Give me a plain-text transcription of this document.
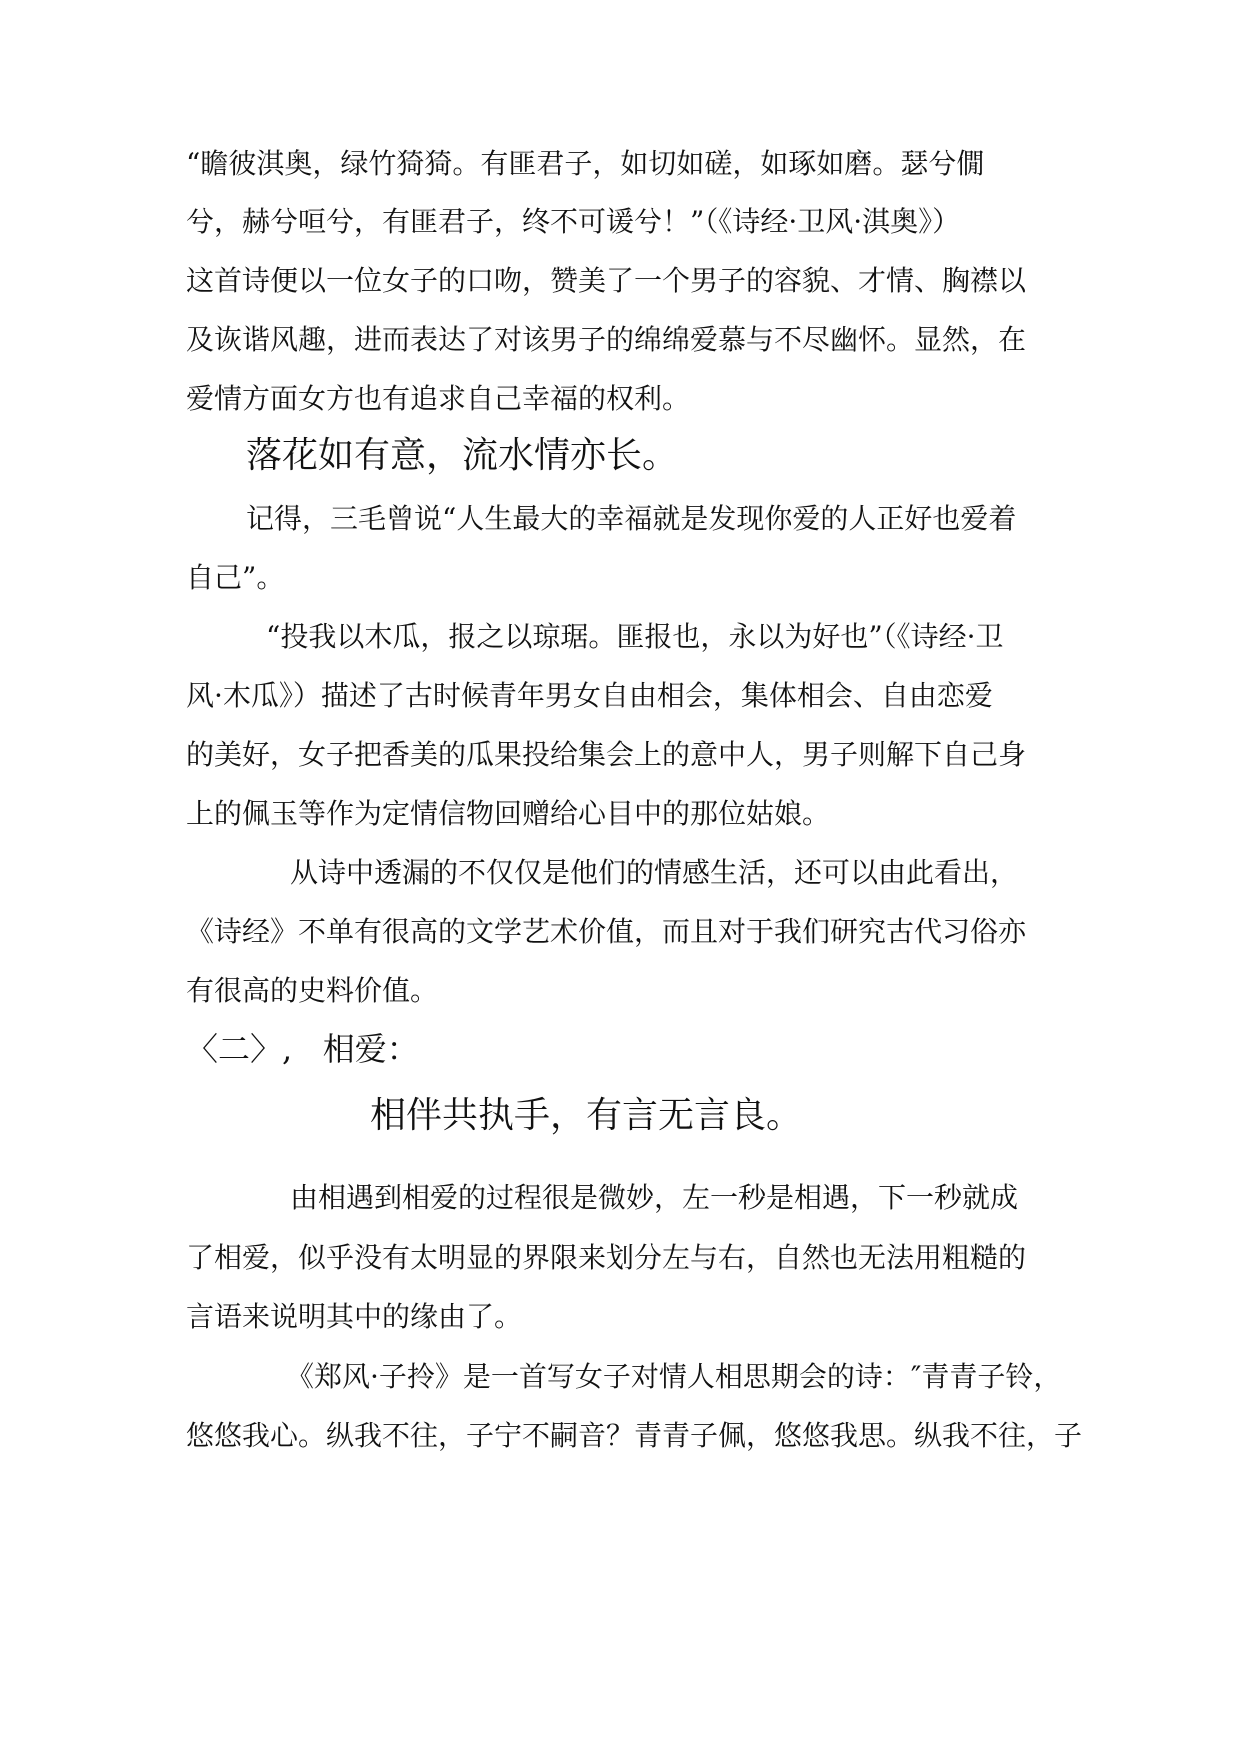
“瞻彼淇奥，绿竹猗猗。有匪君子，如切如磋，如琢如磨。瑟兮僩
兮，赫兮咺兮，有匪君子，终不可谖兮！”（《诗经·卫风·淇奥》）
这首诗便以一位女子的口吻，赞美了一个男子的容貌、才情、胸襟以
及诙谐风趣，进而表达了对该男子的绵绵爱慕与不尽幽怀。显然，在
爱情方面女方也有追求自己幸福的权利。
落花如有意，流水情亦长。
记得，三毛曾说“人生最大的幸福就是发现你爱的人正好也爱着
自己”。
“投我以木瓜，报之以琼琚。匪报也，永以为好也”（《诗经·卫
风·木瓜》）描述了古时候青年男女自由相会，集体相会、自由恋爱
的美好，女子把香美的瓜果投给集会上的意中人，男子则解下自己身
上的佩玉等作为定情信物回赠给心目中的那位姑娘。
从诗中透漏的不仅仅是他们的情感生活，还可以由此看出，
《诗经》不单有很高的文学艺术价值，而且对于我们研究古代习俗亦
有很高的史料价值。
〈二〉,   相爱：
相伴共执手，有言无言良。
由相遇到相爱的过程很是微妙，左一秒是相遇，下一秒就成
了相爱，似乎没有太明显的界限来划分左与右，自然也无法用粗糙的
言语来说明其中的缘由了。
《郑风·子拎》是一首写女子对情人相思期会的诗：″青青子铃，
悠悠我心。纵我不往，子宁不嗣音？青青子佩，悠悠我思。纵我不往，子
